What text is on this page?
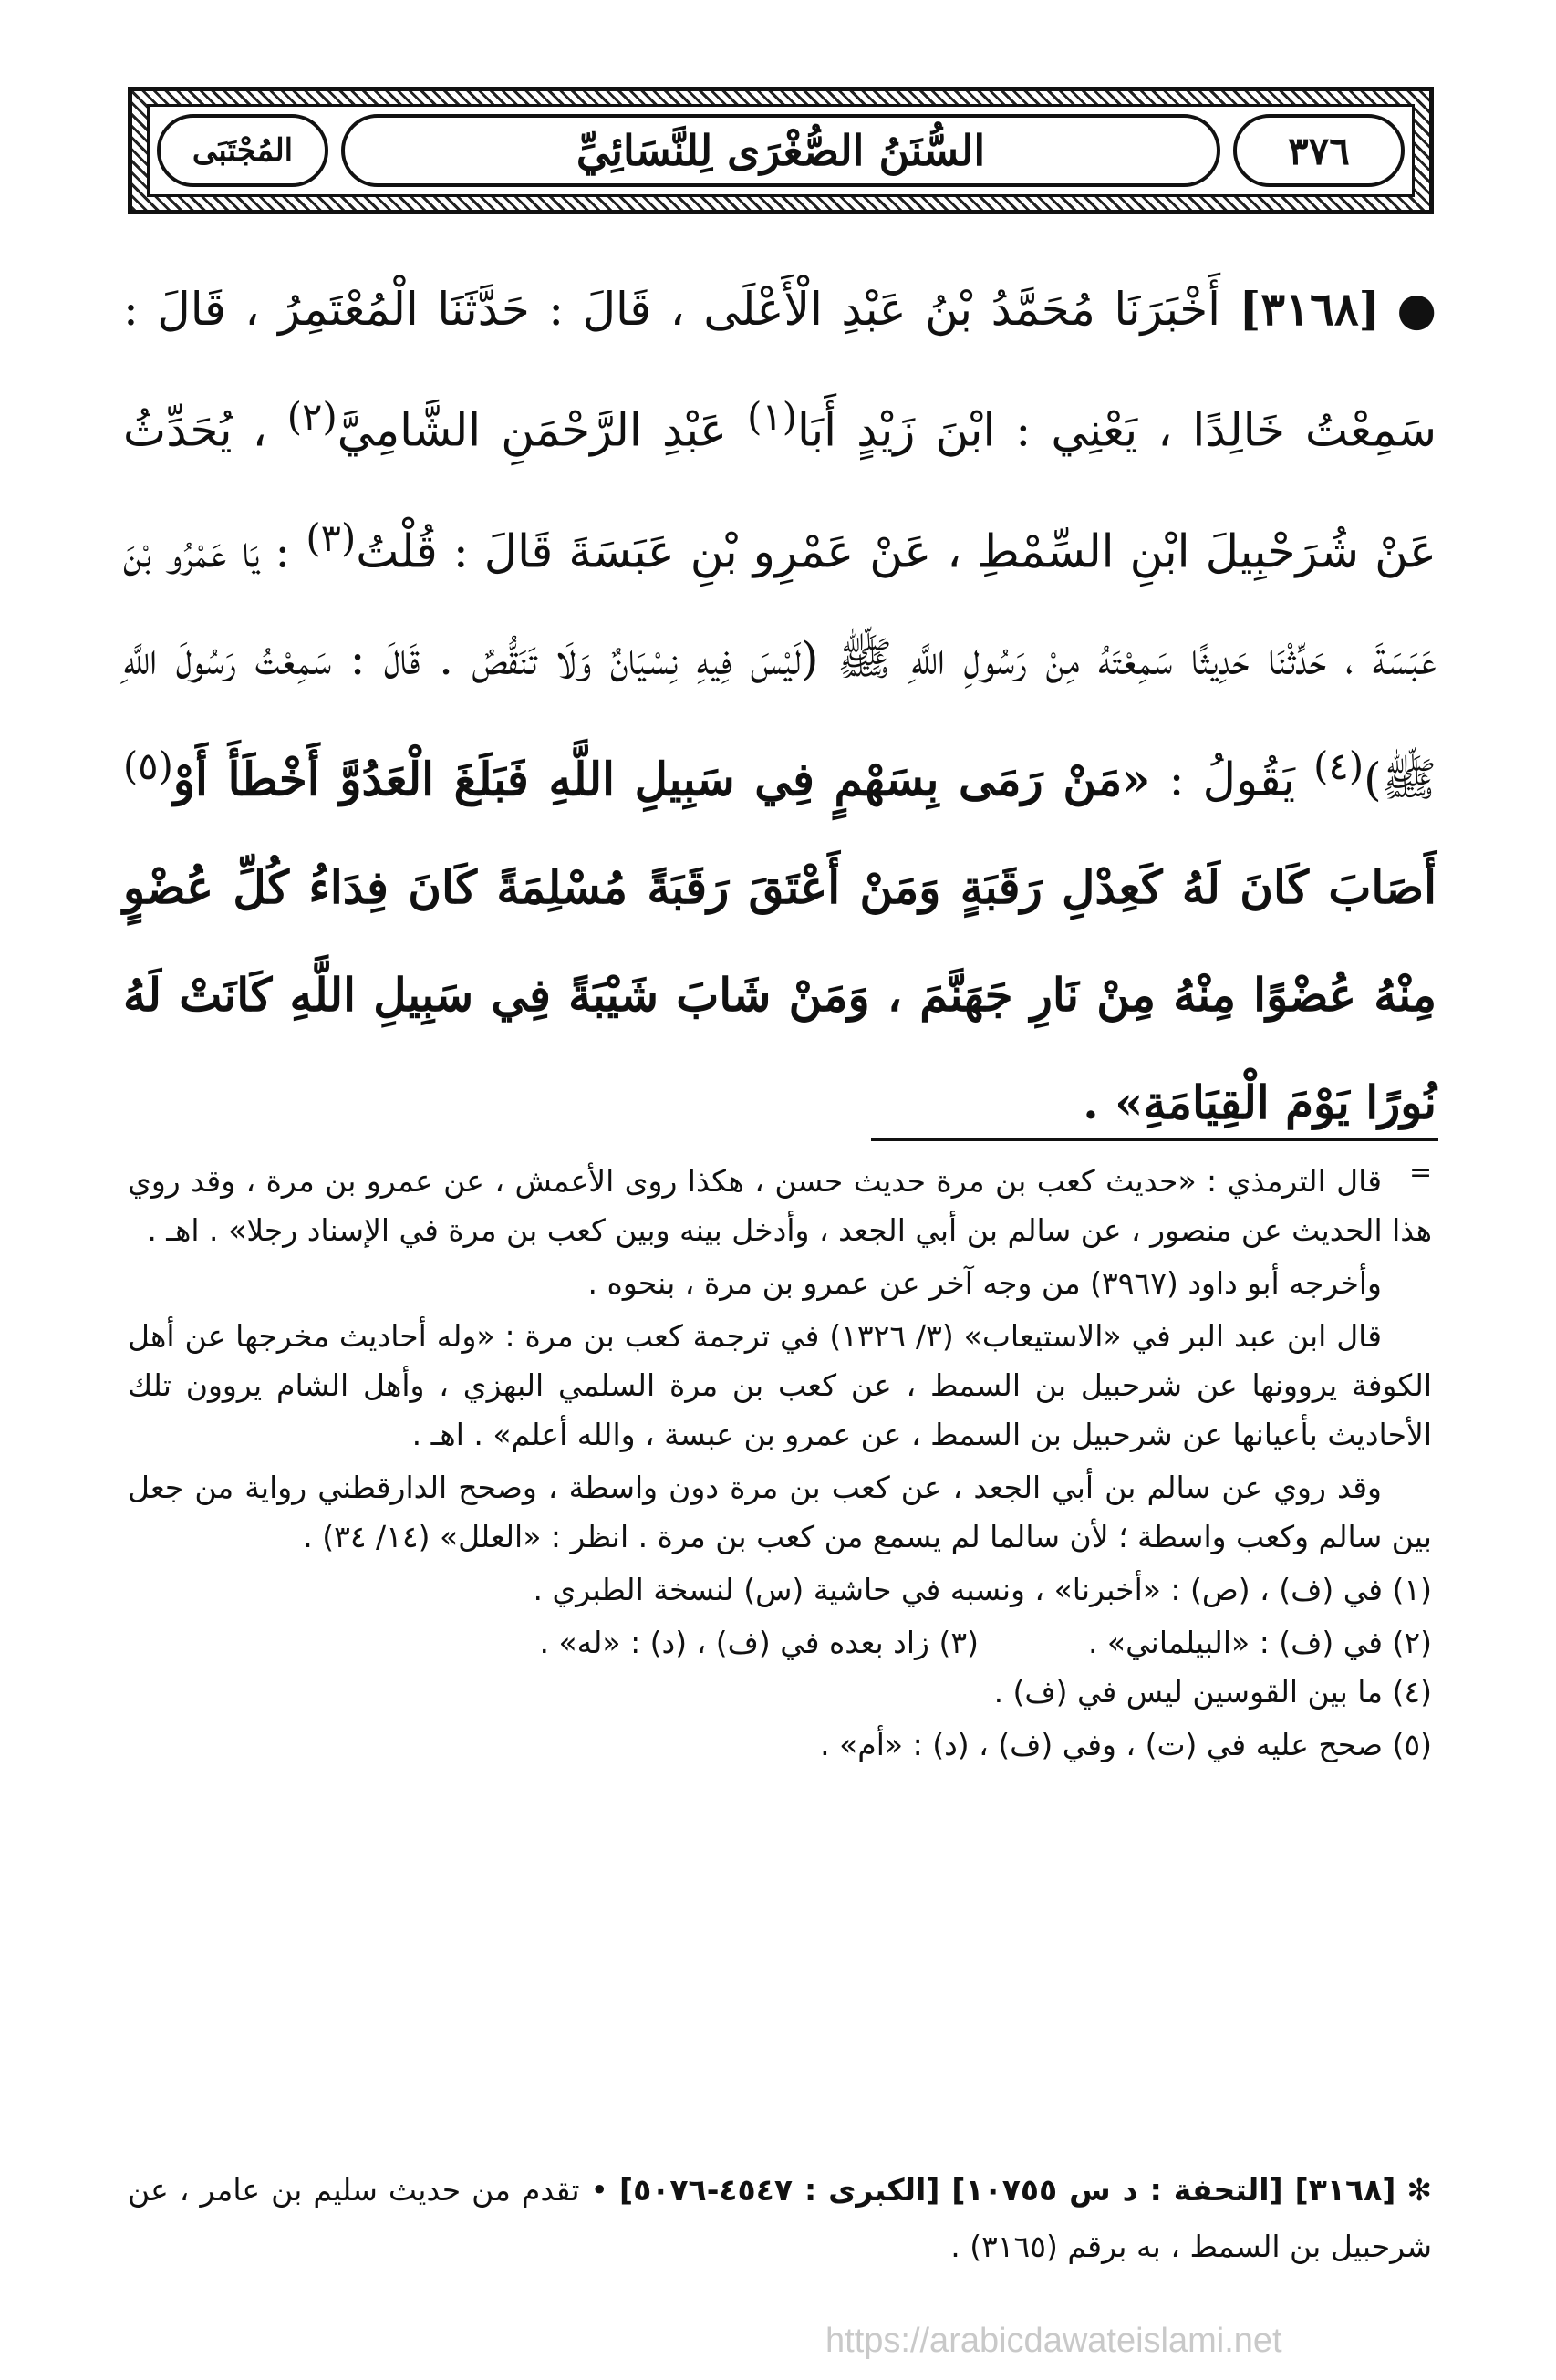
٣٧٦
السُّنَنُ الصُّغْرَى لِلنَّسَائِيِّ
المُجْتَبَى
●[٣١٦٨] أَخْبَرَنَا مُحَمَّدُ بْنُ عَبْدِ الْأَعْلَى ، قَالَ : حَدَّثَنَا الْمُعْتَمِرُ ، قَالَ : سَمِعْتُ خَالِدًا ، يَعْنِي : ابْنَ زَيْدٍ أَبَا$^{(١)}$ عَبْدِ الرَّحْمَنِ الشَّامِيَّ$^{(٢)}$ ، يُحَدِّثُ عَنْ شُرَحْبِيلَ ابْنِ السِّمْطِ ، عَنْ عَمْرِو بْنِ عَبَسَةَ قَالَ : قُلْتُ$^{(٣)}$ : يَا عَمْرُو بْنَ عَبَسَةَ ، حَدِّثْنَا حَدِيثًا سَمِعْتَهُ مِنْ رَسُولِ اللَّهِ ﷺ (لَيْسَ فِيهِ نِسْيَانٌ وَلَا تَنَقُّصٌ . قَالَ : سَمِعْتُ رَسُولَ اللَّهِ ﷺ)$^{(٤)}$ يَقُولُ : «مَنْ رَمَى بِسَهْمٍ فِي سَبِيلِ اللَّهِ فَبَلَغَ الْعَدُوَّ أَخْطَأَ أَوْ$^{(٥)}$ أَصَابَ كَانَ لَهُ كَعِدْلِ رَقَبَةٍ وَمَنْ أَعْتَقَ رَقَبَةً مُسْلِمَةً كَانَ فِدَاءُ كُلِّ عُضْوٍ مِنْهُ عُضْوًا مِنْهُ مِنْ نَارِ جَهَنَّمَ ، وَمَنْ شَابَ شَيْبَةً فِي سَبِيلِ اللَّهِ كَانَتْ لَهُ نُورًا يَوْمَ الْقِيَامَةِ» .
=

قال الترمذي : «حديث كعب بن مرة حديث حسن ، هكذا روى الأعمش ، عن عمرو بن مرة ، وقد روي هذا الحديث عن منصور ، عن سالم بن أبي الجعد ، وأدخل بينه وبين كعب بن مرة في الإسناد رجلا» . اهـ .

وأخرجه أبو داود (٣٩٦٧) من وجه آخر عن عمرو بن مرة ، بنحوه .

قال ابن عبد البر في «الاستيعاب» (٣/ ١٣٢٦) في ترجمة كعب بن مرة : «وله أحاديث مخرجها عن أهل الكوفة يروونها عن شرحبيل بن السمط ، عن كعب بن مرة السلمي البهزي ، وأهل الشام يروون تلك الأحاديث بأعيانها عن شرحبيل بن السمط ، عن عمرو بن عبسة ، والله أعلم» . اهـ .

وقد روي عن سالم بن أبي الجعد ، عن كعب بن مرة دون واسطة ، وصحح الدارقطني رواية من جعل بين سالم وكعب واسطة ؛ لأن سالما لم يسمع من كعب بن مرة . انظر : «العلل» (١٤/ ٣٤) .

(١) في (ف) ، (ص) : «أخبرنا» ، ونسبه في حاشية (س) لنسخة الطبري .

(٢) في (ف) : «البيلماني» .
(٣) زاد بعده في (ف) ، (د) : «له» .

(٤) ما بين القوسين ليس في (ف) .

(٥) صحح عليه في (ت) ، وفي (ف) ، (د) : «أم» .

✻ [٣١٦٨] [التحفة : د س ١٠٧٥٥] [الكبرى : ٤٥٤٧-٥٠٧٦] • تقدم من حديث سليم بن عامر ، عن شرحبيل بن السمط ، به برقم (٣١٦٥) .
https://arabicdawateislami.net
